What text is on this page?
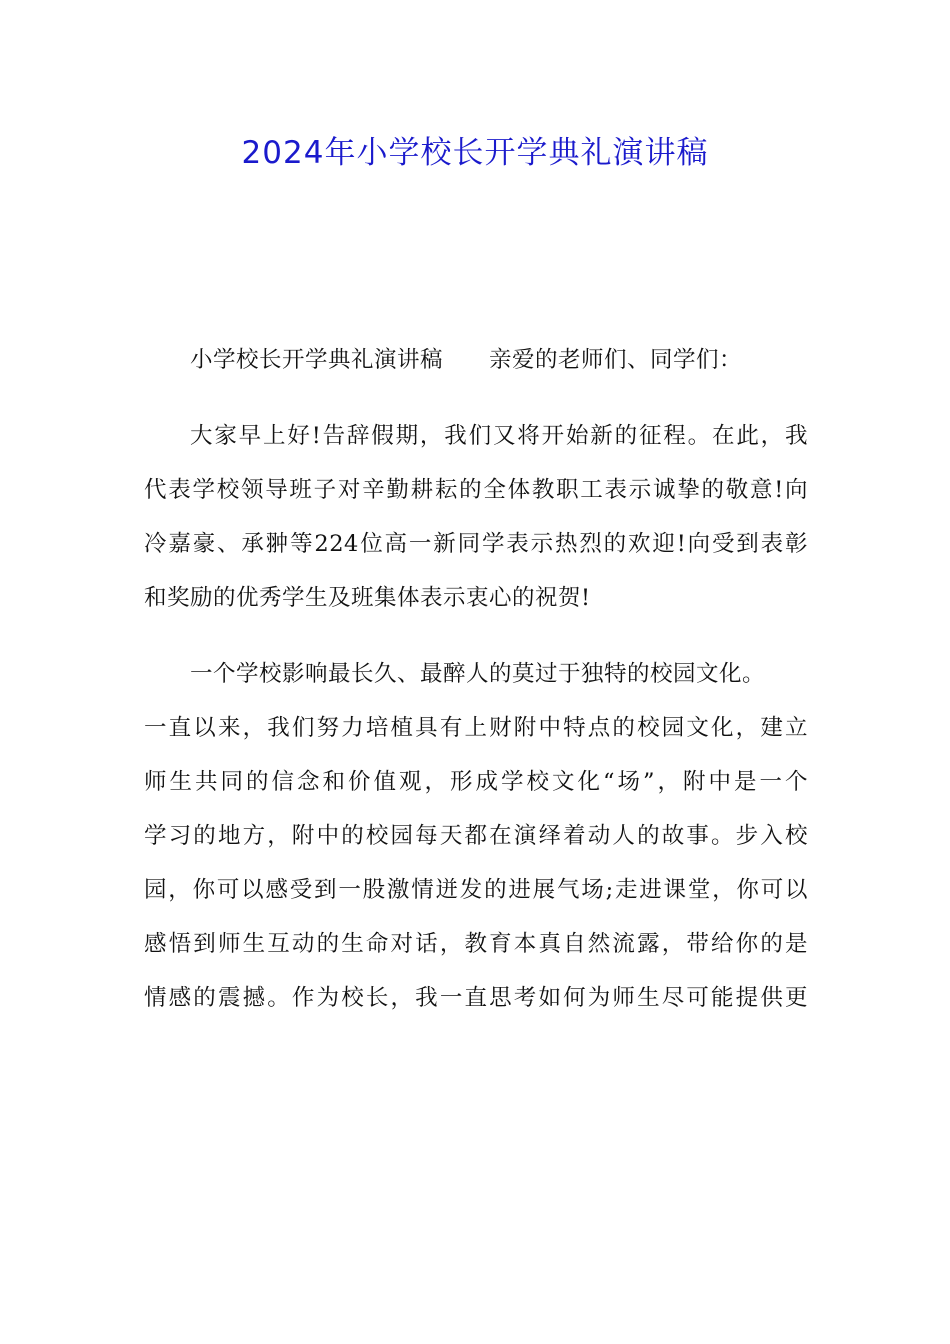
2024年小学校长开学典礼演讲稿
小学校长开学典礼演讲稿 亲爱的老师们、同学们：
大家早上好!告辞假期，我们又将开始新的征程。在此，我
代表学校领导班子对辛勤耕耘的全体教职工表示诚挚的敬意!向
冷嘉豪、承翀等224位高一新同学表示热烈的欢迎!向受到表彰
和奖励的优秀学生及班集体表示衷心的祝贺!
一个学校影响最长久、最醉人的莫过于独特的校园文化。
一直以来，我们努力培植具有上财附中特点的校园文化，建立
师生共同的信念和价值观，形成学校文化“场”，附中是一个
学习的地方，附中的校园每天都在演绎着动人的故事。步入校
园，你可以感受到一股激情迸发的进展气场;走进课堂，你可以
感悟到师生互动的生命对话，教育本真自然流露，带给你的是
情感的震撼。作为校长，我一直思考如何为师生尽可能提供更
